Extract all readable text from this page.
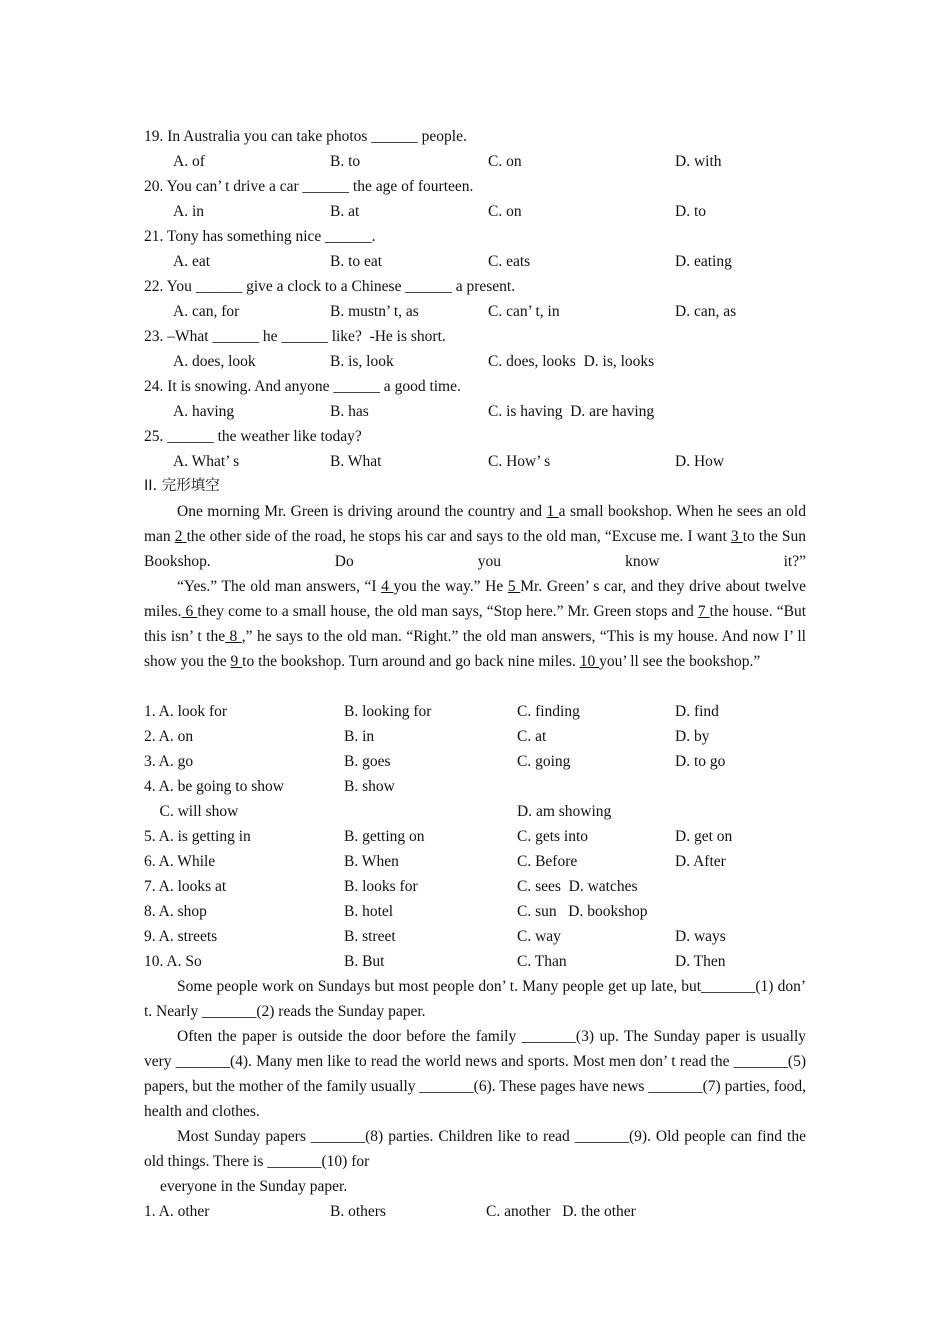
19. In Australia you can take photos ______ people.

A. of

	B. to

	C. on

	D. with

20. You can’ t drive a car ______ the age of fourteen.

A. in

	B. at

	C. on

	D. to

21. Tony has something nice ______.

A. eat

	B. to eat

	C. eats

	D. eating

22. You ______ give a clock to a Chinese ______ a present.

A. can, for

	B. mustn’ t, as

	C. can’ t, in

	D. can, as

23. –What ______ he ______ like?  -He is short.

A. does, look

	B. is, look

	C. does, looks  D. is, looks

24. It is snowing. And anyone ______ a good time.

A. having

	B. has

	C. is having  D. are having

25. ______ the weather like today?

A. What’ s

	B. What

	C. How’ s

	D. How

II. 完形填空
One morning Mr. Green is driving around the country and 1 a small bookshop. When he sees an old man 2 the other side of the road, he stops his car and says to the old man, “Excuse me. I want 3 to the Sun Bookshop. Do you know it?”
“Yes.” The old man answers, “I 4 you the way.” He 5 Mr. Green’ s car, and they drive about twelve miles. 6 they come to a small house, the old man says, “Stop here.” Mr. Green stops and 7 the house. “But this isn’ t the 8 ,” he says to the old man. “Right.” the old man answers, “This is my house. And now I’ ll show you the 9 to the bookshop. Turn around and go back nine miles. 10 you’ ll see the bookshop.”

1. A. look for

	B. looking for

	C. finding

	D. find

2. A. on

	B. in

	C. at

	D. by

3. A. go

	B. goes

	C. going

	D. to go

4. A. be going to show

	B. show

C. will show

	D. am showing

5. A. is getting in

	B. getting on

	C. gets into

	D. get on

6. A. While

	B. When

	C. Before

	D. After

7. A. looks at

	B. looks for

	C. sees  D. watches

8. A. shop

	B. hotel

	C. sun   D. bookshop

9. A. streets

	B. street

	C. way

	D. ways

10. A. So

	B. But

	C. Than

	D. Then

Some people work on Sundays but most people don’ t. Many people get up late, but_______(1) don’ t. Nearly _______(2) reads the Sunday paper.
Often the paper is outside the door before the family _______(3) up. The Sunday paper is usually very _______(4). Many men like to read the world news and sports. Most men don’ t read the _______(5) papers, but the mother of the family usually _______(6). These pages have news _______(7) parties, food, health and clothes.
Most Sunday papers _______(8) parties. Children like to read _______(9). Old people can find the old things. There is _______(10) for
everyone in the Sunday paper.

1. A. other

	B. others

	C. another   D. the other
